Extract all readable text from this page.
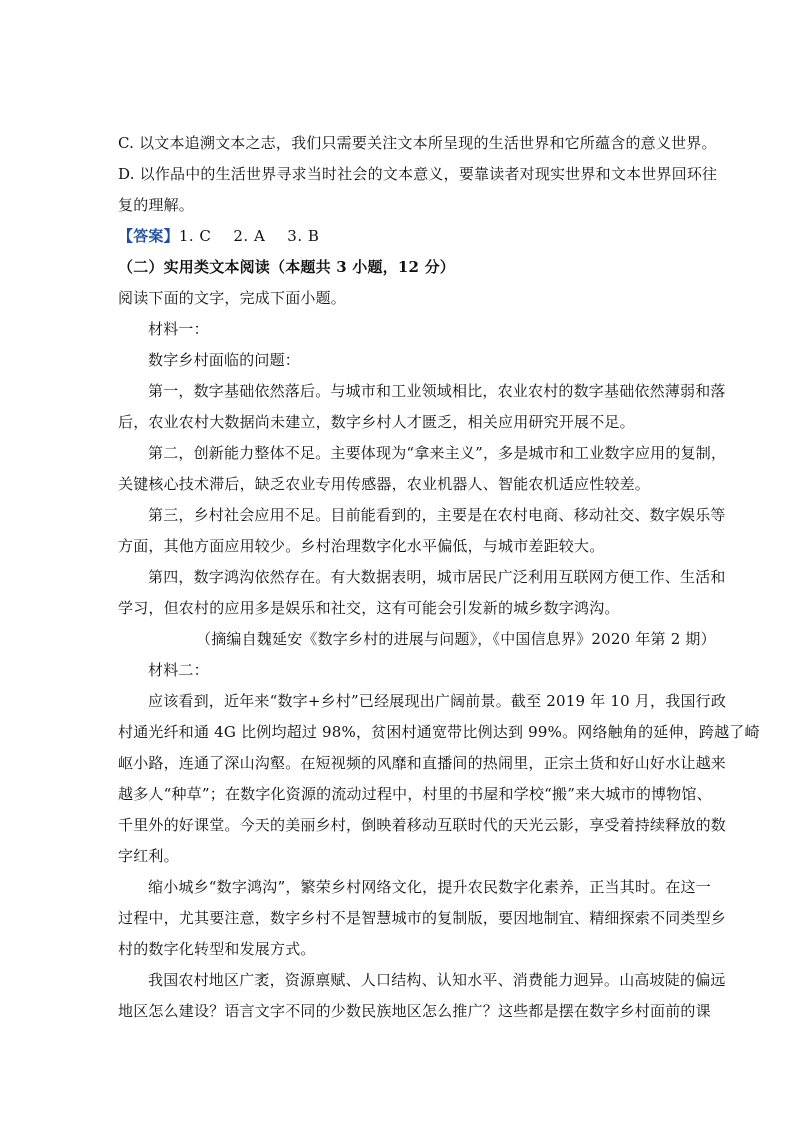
C. 以文本追溯文本之志，我们只需要关注文本所呈现的生活世界和它所蕴含的意义世界。
D. 以作品中的生活世界寻求当时社会的文本意义，要靠读者对现实世界和文本世界回环往
复的理解。
【答案】1. C 2. A 3. B
（二）实用类文本阅读（本题共 3 小题，12 分）
阅读下面的文字，完成下面小题。
材料一：
数字乡村面临的问题：
第一，数字基础依然落后。与城市和工业领域相比，农业农村的数字基础依然薄弱和落
后，农业农村大数据尚未建立，数字乡村人才匮乏，相关应用研究开展不足。
第二，创新能力整体不足。主要体现为“拿来主义”，多是城市和工业数字应用的复制，
关键核心技术滞后，缺乏农业专用传感器，农业机器人、智能农机适应性较差。
第三，乡村社会应用不足。目前能看到的，主要是在农村电商、移动社交、数字娱乐等
方面，其他方面应用较少。乡村治理数字化水平偏低，与城市差距较大。
第四，数字鸿沟依然存在。有大数据表明，城市居民广泛利用互联网方便工作、生活和
学习，但农村的应用多是娱乐和社交，这有可能会引发新的城乡数字鸿沟。
（摘编自魏延安《数字乡村的进展与问题》，《中国信息界》2020 年第 2 期）
材料二：
应该看到，近年来“数字+乡村”已经展现出广阔前景。截至 2019 年 10 月，我国行政
村通光纤和通 4G 比例均超过 98%，贫困村通宽带比例达到 99%。网络触角的延伸，跨越了崎
岖小路，连通了深山沟壑。在短视频的风靡和直播间的热闹里，正宗土货和好山好水让越来
越多人“种草”；在数字化资源的流动过程中，村里的书屋和学校“搬”来大城市的博物馆、
千里外的好课堂。今天的美丽乡村，倒映着移动互联时代的天光云影，享受着持续释放的数
字红利。
缩小城乡“数字鸿沟”，繁荣乡村网络文化，提升农民数字化素养，正当其时。在这一
过程中，尤其要注意，数字乡村不是智慧城市的复制版，要因地制宜、精细探索不同类型乡
村的数字化转型和发展方式。
我国农村地区广袤，资源禀赋、人口结构、认知水平、消费能力迥异。山高坡陡的偏远
地区怎么建设？语言文字不同的少数民族地区怎么推广？这些都是摆在数字乡村面前的课
